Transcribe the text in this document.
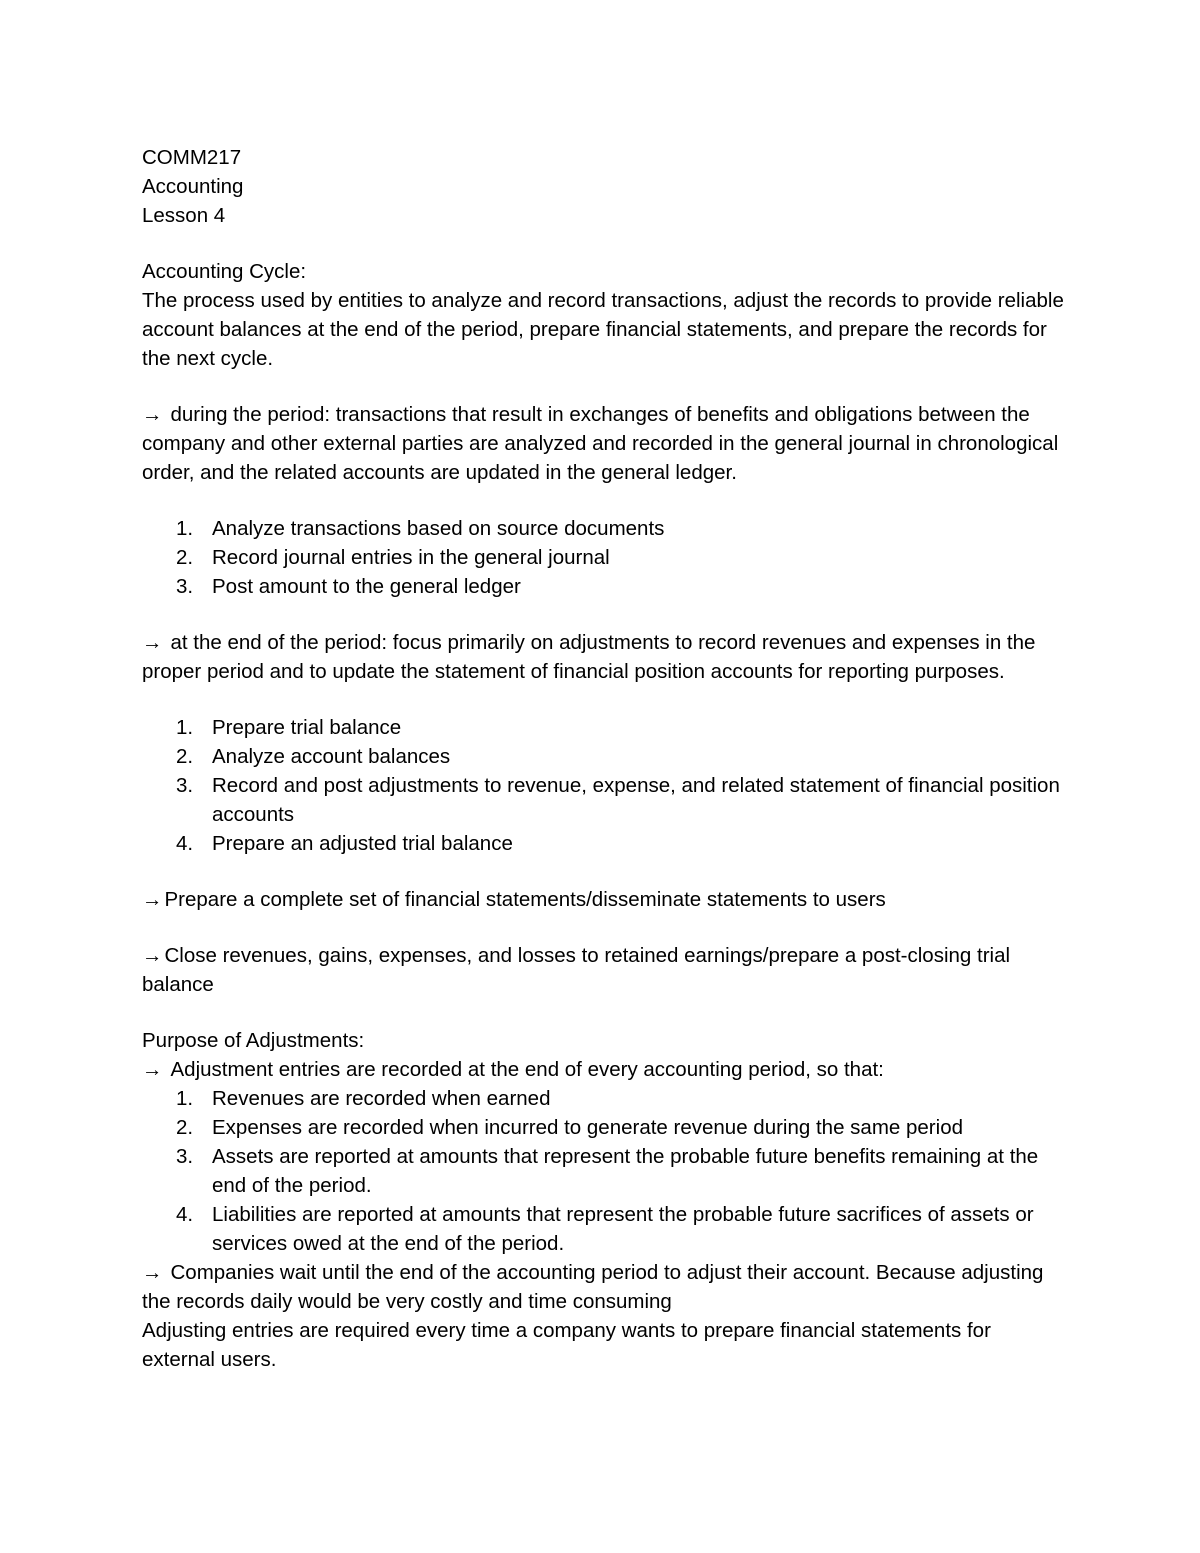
COMM217

Accounting

Lesson 4

Accounting Cycle:

The process used by entities to analyze and record transactions, adjust the records to provide reliable account balances at the end of the period, prepare financial statements, and prepare the records for the next cycle.

→ during the period: transactions that result in exchanges of benefits and obligations between the company and other external parties are analyzed and recorded in the general journal in chronological order, and the related accounts are updated in the general ledger.

1. Analyze transactions based on source documents
2. Record journal entries in the general journal
3. Post amount to the general ledger

→ at the end of the period: focus primarily on adjustments to record revenues and expenses in the proper period and to update the statement of financial position accounts for reporting purposes.

1. Prepare trial balance
2. Analyze account balances
3. Record and post adjustments to revenue, expense, and related statement of financial position accounts
4. Prepare an adjusted trial balance

→Prepare a complete set of financial statements/disseminate statements to users

→Close revenues, gains, expenses, and losses to retained earnings/prepare a post-closing trial balance

Purpose of Adjustments:

→ Adjustment entries are recorded at the end of every accounting period, so that:

1. Revenues are recorded when earned
2. Expenses are recorded when incurred to generate revenue during the same period
3. Assets are reported at amounts that represent the probable future benefits remaining at the end of the period.
4. Liabilities are reported at amounts that represent the probable future sacrifices of assets or services owed at the end of the period.

→ Companies wait until the end of the accounting period to adjust their account. Because adjusting the records daily would be very costly and time consuming

Adjusting entries are required every time a company wants to prepare financial statements for external users.
